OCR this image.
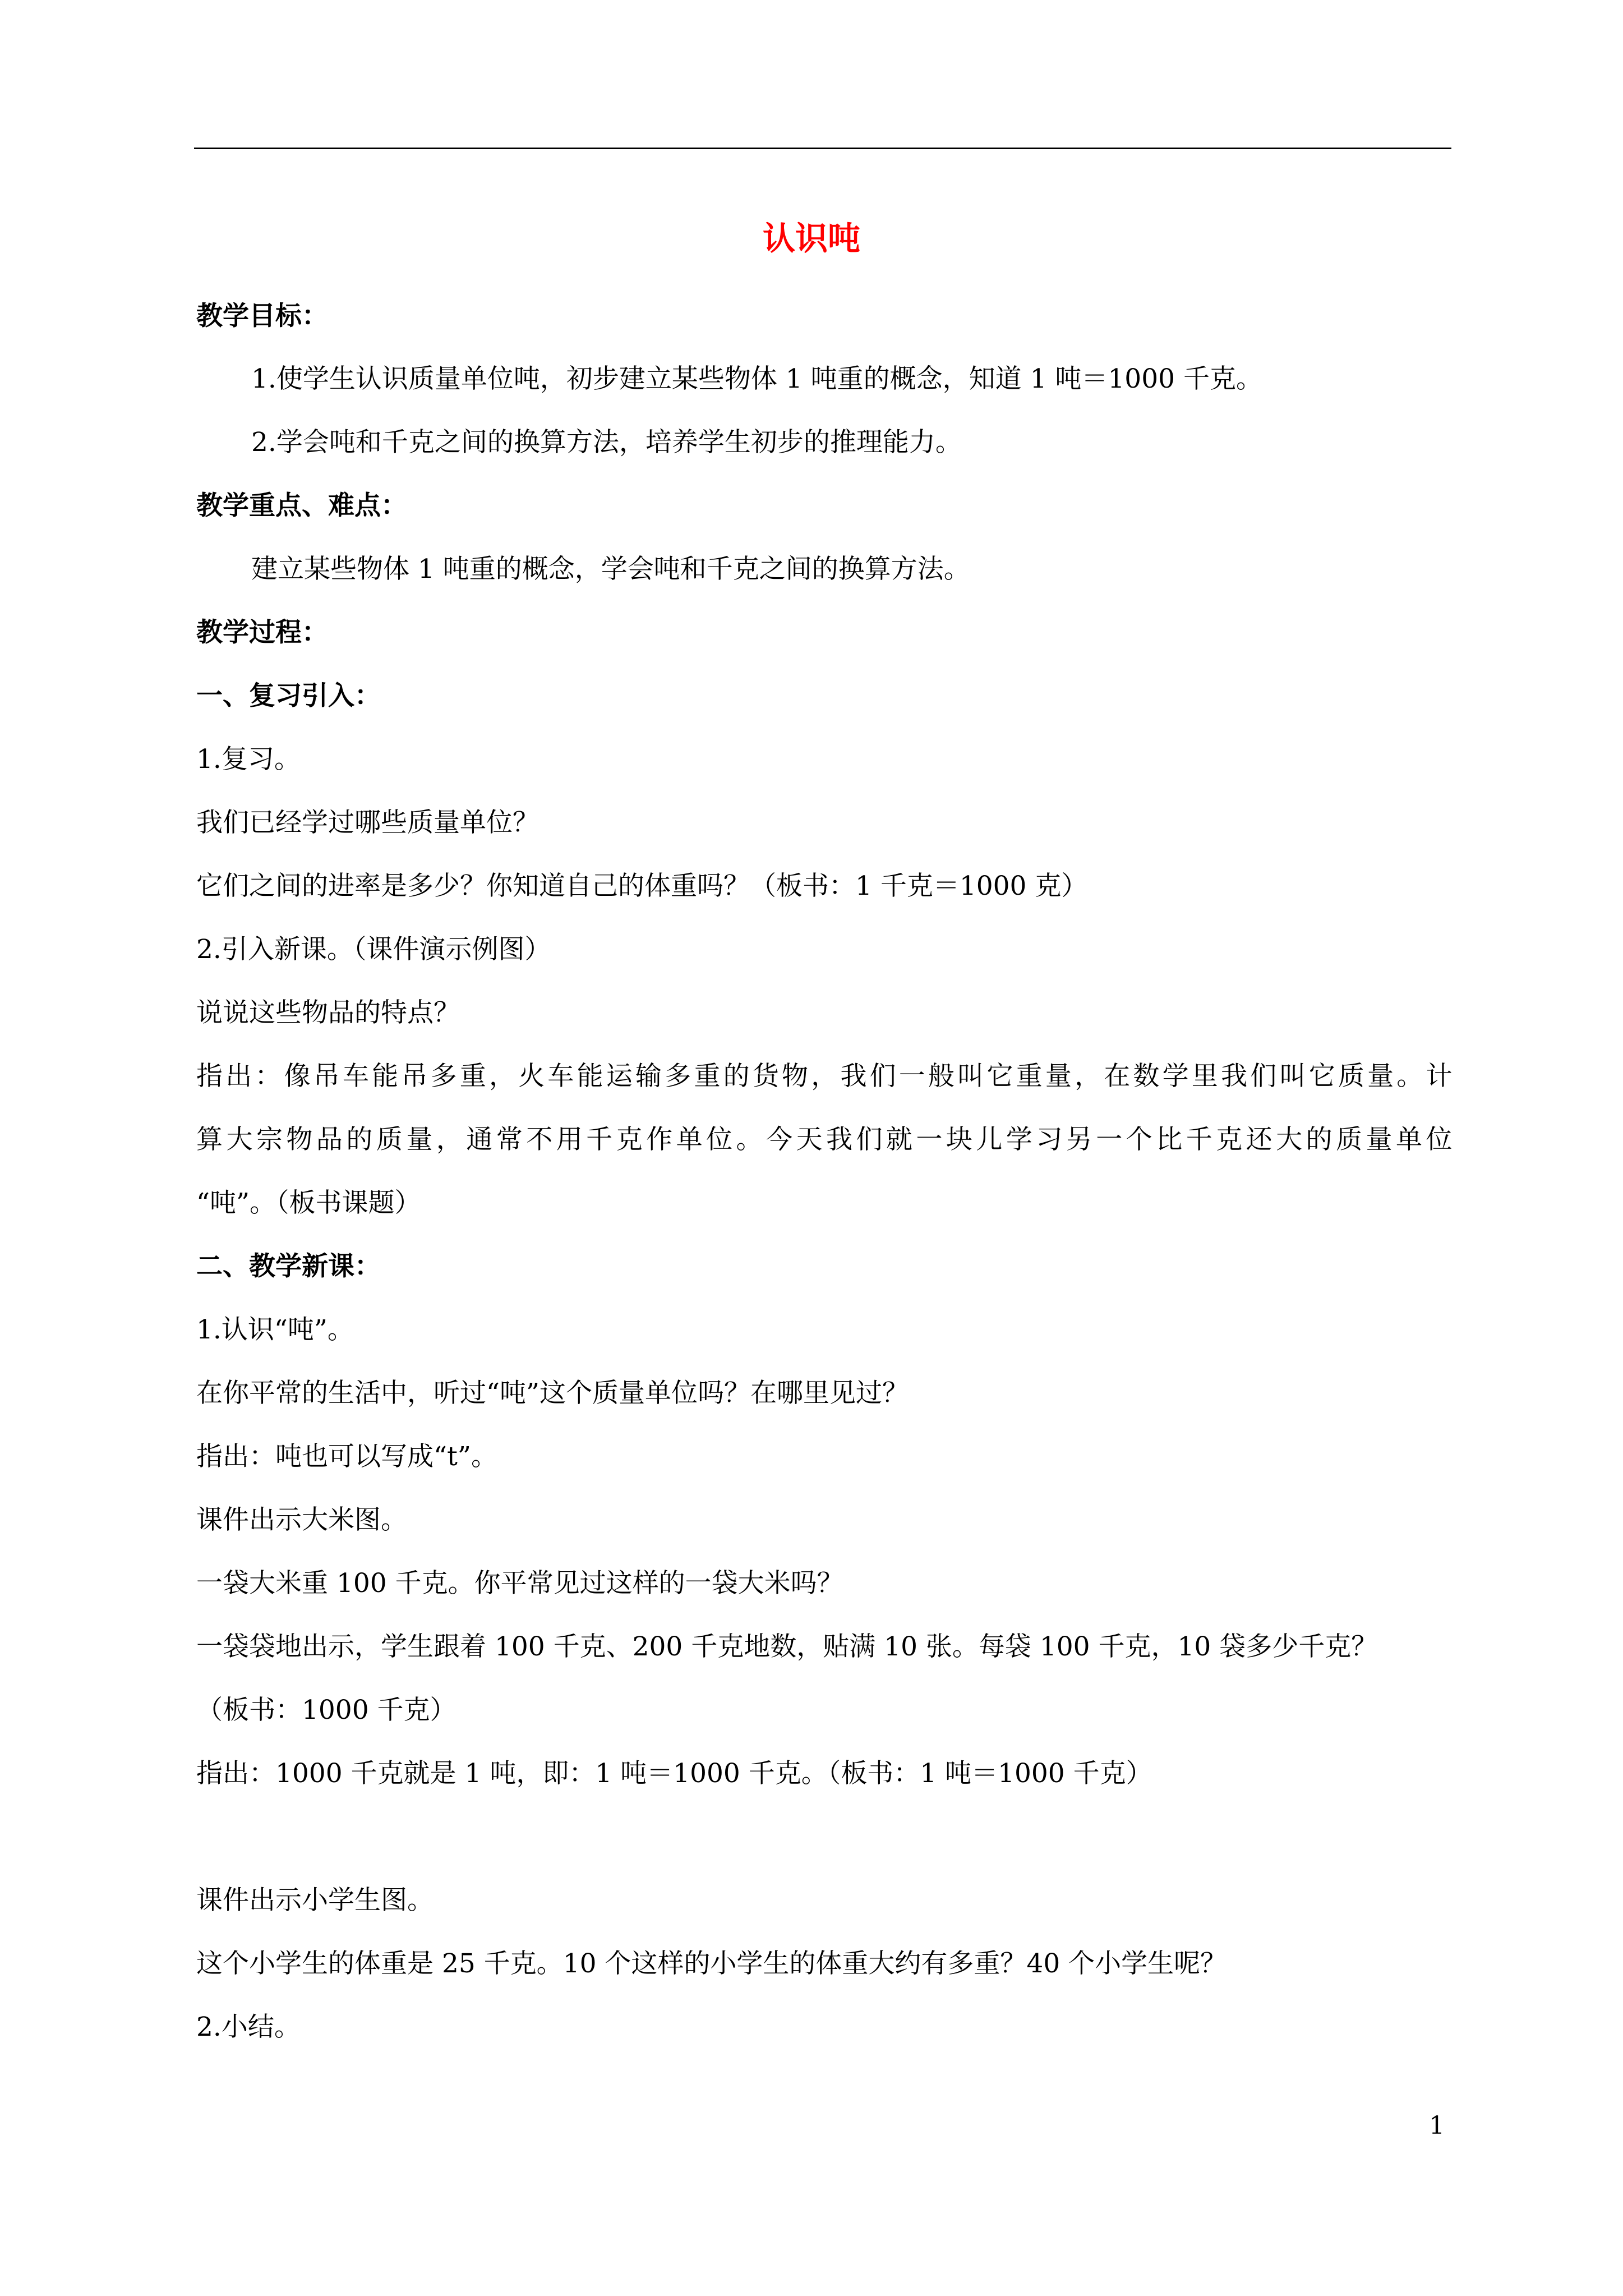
认识吨
教学目标：
1.使学生认识质量单位吨，初步建立某些物体 1 吨重的概念，知道 1 吨＝1000 千克。
2.学会吨和千克之间的换算方法，培养学生初步的推理能力。
教学重点、难点：
建立某些物体 1 吨重的概念，学会吨和千克之间的换算方法。
教学过程：
一、复习引入：
1.复习。
我们已经学过哪些质量单位？
它们之间的进率是多少？你知道自己的体重吗？（板书：1 千克＝1000 克）
2.引入新课。（课件演示例图）
说说这些物品的特点？
指出：像吊车能吊多重，火车能运输多重的货物，我们一般叫它重量，在数学里我们叫它质量。计
算大宗物品的质量，通常不用千克作单位。今天我们就一块儿学习另一个比千克还大的质量单位
“吨”。（板书课题）
二、教学新课：
1.认识“吨”。
在你平常的生活中，听过“吨”这个质量单位吗？在哪里见过？
指出：吨也可以写成“t”。
课件出示大米图。
一袋大米重 100 千克。你平常见过这样的一袋大米吗？
一袋袋地出示，学生跟着 100 千克、200 千克地数，贴满 10 张。每袋 100 千克，10 袋多少千克？
（板书：1000 千克）
指出：1000 千克就是 1 吨，即：1 吨＝1000 千克。（板书：1 吨＝1000 千克）
课件出示小学生图。
这个小学生的体重是 25 千克。10 个这样的小学生的体重大约有多重？40 个小学生呢？
2.小结。
1
